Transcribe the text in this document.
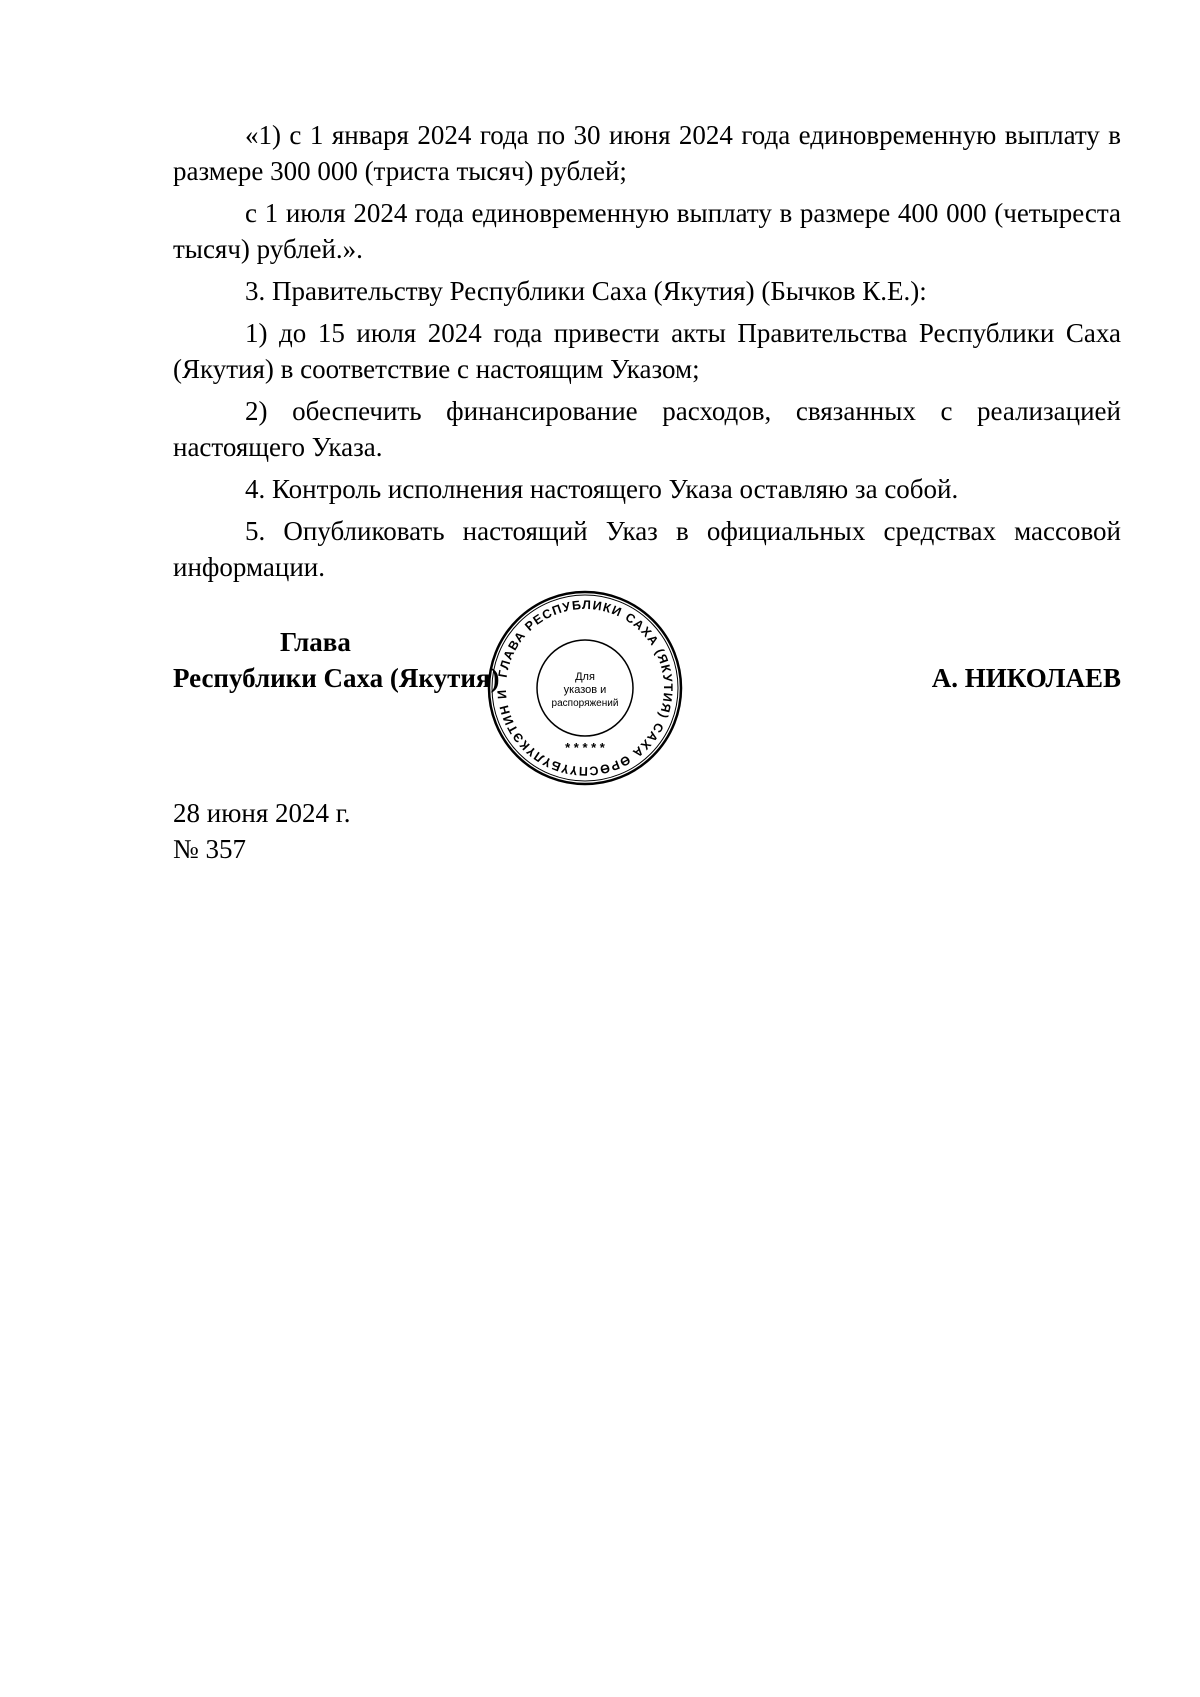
«1) с 1 января 2024 года по 30 июня 2024 года единовременную выплату в размере 300 000 (триста тысяч) рублей;

с 1 июля 2024 года единовременную выплату в размере 400 000 (четыреста тысяч) рублей.».

3. Правительству Республики Саха (Якутия) (Бычков К.Е.):

1) до 15 июля 2024 года привести акты Правительства Республики Саха (Якутия) в соответствие с настоящим Указом;

2) обеспечить финансирование расходов, связанных с реализацией настоящего Указа.

4. Контроль исполнения настоящего Указа оставляю за собой.

5. Опубликовать настоящий Указ в официальных средствах массовой информации.

Глава
Республики Саха (Якутия)
ГЛАВА РЕСПУБЛИКИ САХА (ЯКУТИЯ) САХА ӨРӨСПҮҮБҮЛҮКЭТИН И
Для
указов и
распоряжений
* * * * *
А. НИКОЛАЕВ
28 июня 2024 г.
№ 357
